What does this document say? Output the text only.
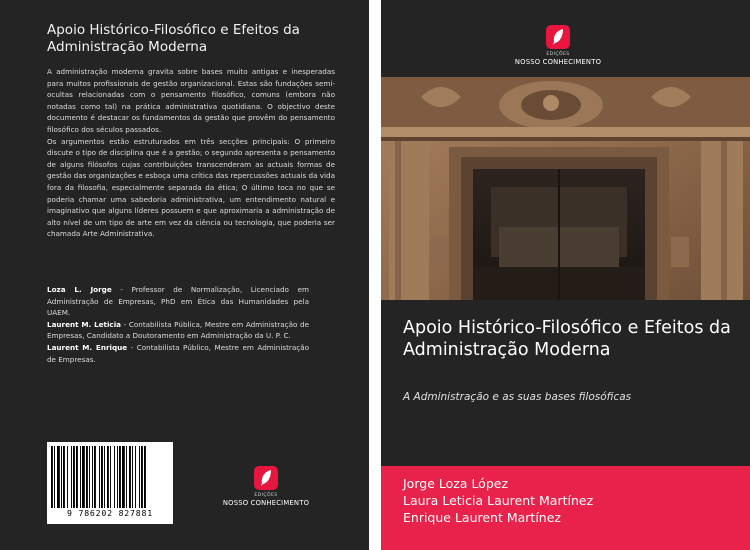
Apoio Histórico-Filosófico e Efeitos da Administração Moderna

A administração moderna gravita sobre bases muito antigas e inesperadas para muitos profissionais de gestão organizacional. Estas são fundações semi-ocultas relacionadas com o pensamento filosófico, comuns (embora não notadas como tal) na prática administrativa quotidiana. O objectivo deste documento é destacar os fundamentos da gestão que provêm do pensamento filosófico dos séculos passados.

Os argumentos estão estruturados em três secções principais: O primeiro discute o tipo de disciplina que é a gestão; o segundo apresenta o pensamento de alguns filósofos cujas contribuições transcenderam as actuais formas de gestão das organizações e esboça uma crítica das repercussões actuais da vida fora da filosofia, especialmente separada da ética; O último toca no que se poderia chamar uma sabedoria administrativa, um entendimento natural e imaginativo que alguns líderes possuem e que aproximaria a administração de alto nível de um tipo de arte em vez da ciência ou tecnologia, que poderia ser chamada Arte Administrativa.

Loza L. Jorge - Professor de Normalização, Licenciado em Administração de Empresas, PhD em Ética das Humanidades pela UAEM.

Laurent M. Leticia - Contabilista Pública, Mestre em Administração de Empresas, Candidato a Doutoramento em Administração da U. P. C.

Laurent M. Enrique - Contabilista Público, Mestre em Administração de Empresas.

9 786202 827881
EDIÇÕES
NOSSO CONHECIMENTO
EDIÇÕES
NOSSO CONHECIMENTO
Apoio Histórico-Filosófico e Efeitos da Administração Moderna
A Administração e as suas bases filosóficas
Jorge Loza López
Laura Leticia Laurent Martínez
Enrique Laurent Martínez
